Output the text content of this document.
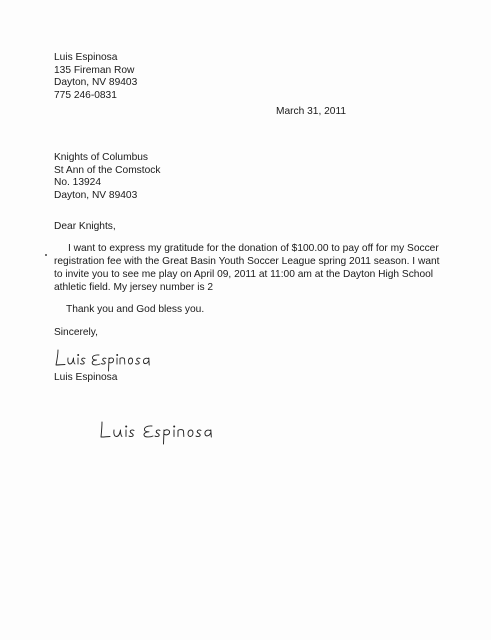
Luis Espinosa
135 Fireman Row
Dayton, NV 89403
775 246-0831
March 31, 2011
Knights of Columbus
St Ann of the Comstock
No. 13924
Dayton, NV 89403
Dear Knights,
I want to express my gratitude for the donation of $100.00 to pay off for my Soccer
registration fee with the Great Basin Youth Soccer League spring 2011 season. I want
to invite you to see me play on April 09, 2011 at 11:00 am at the Dayton High School
athletic field. My jersey number is 2
Thank you and God bless you.
Sincerely,
Luis Espinosa
